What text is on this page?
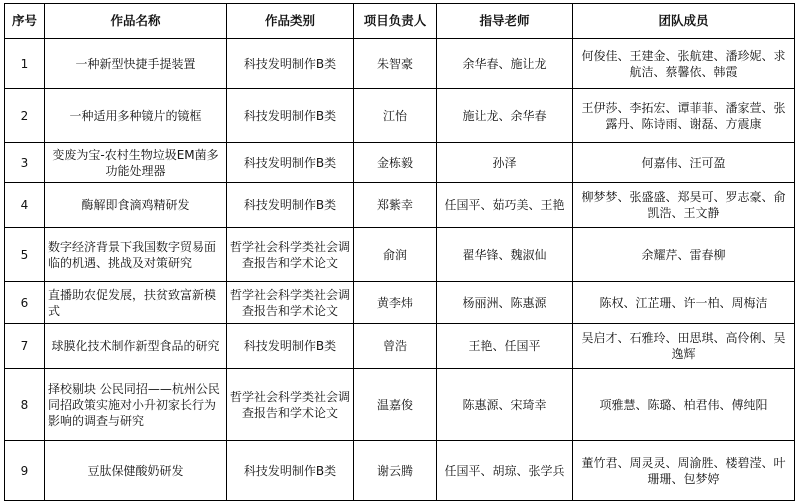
序号	作品名称	作品类别	项目负责人	指导老师	团队成员
1	一种新型快捷手提装置	科技发明制作B类	朱智豪	余华春、施让龙	何俊佳、王建金、张航建、潘珍妮、求航洁、蔡馨依、韩霞
2	一种适用多种镜片的镜框	科技发明制作B类	江怡	施让龙、余华春	王伊莎、李拓宏、谭菲菲、潘家萱、张露丹、陈诗雨、谢磊、方震康
3	变废为宝-农村生物垃圾EM菌多功能处理器	科技发明制作B类	金栋毅	孙泽	何嘉伟、汪可盈
4	酶解即食滴鸡精研发	科技发明制作B类	郑紫幸	任国平、茹巧美、王艳	柳梦梦、张盛盛、郑昊可、罗志豪、俞凯浩、王文静
5	数字经济背景下我国数字贸易面临的机遇、挑战及对策研究	哲学社会科学类社会调查报告和学术论文	俞润	翟华锋、魏淑仙	余耀芹、雷春柳
6	直播助农促发展，扶贫致富新模式	哲学社会科学类社会调查报告和学术论文	黄李炜	杨丽洲、陈惠源	陈权、江芷珊、许一柏、周梅洁
7	球膜化技术制作新型食品的研究	科技发明制作B类	曾浩	王艳、任国平	吴启才、石雅玲、田思琪、高伶俐、吴逸辉
8	择校剔块 公民同招——杭州公民同招政策实施对小升初家长行为影响的调查与研究	哲学社会科学类社会调查报告和学术论文	温嘉俊	陈惠源、宋琦幸	项雅慧、陈璐、柏君伟、傅纯阳
9	豆肽保健酸奶研发	科技发明制作B类	谢云腾	任国平、胡琼、张学兵	董竹君、周灵灵、周渝胜、楼碧滢、叶珊珊、包梦婷
